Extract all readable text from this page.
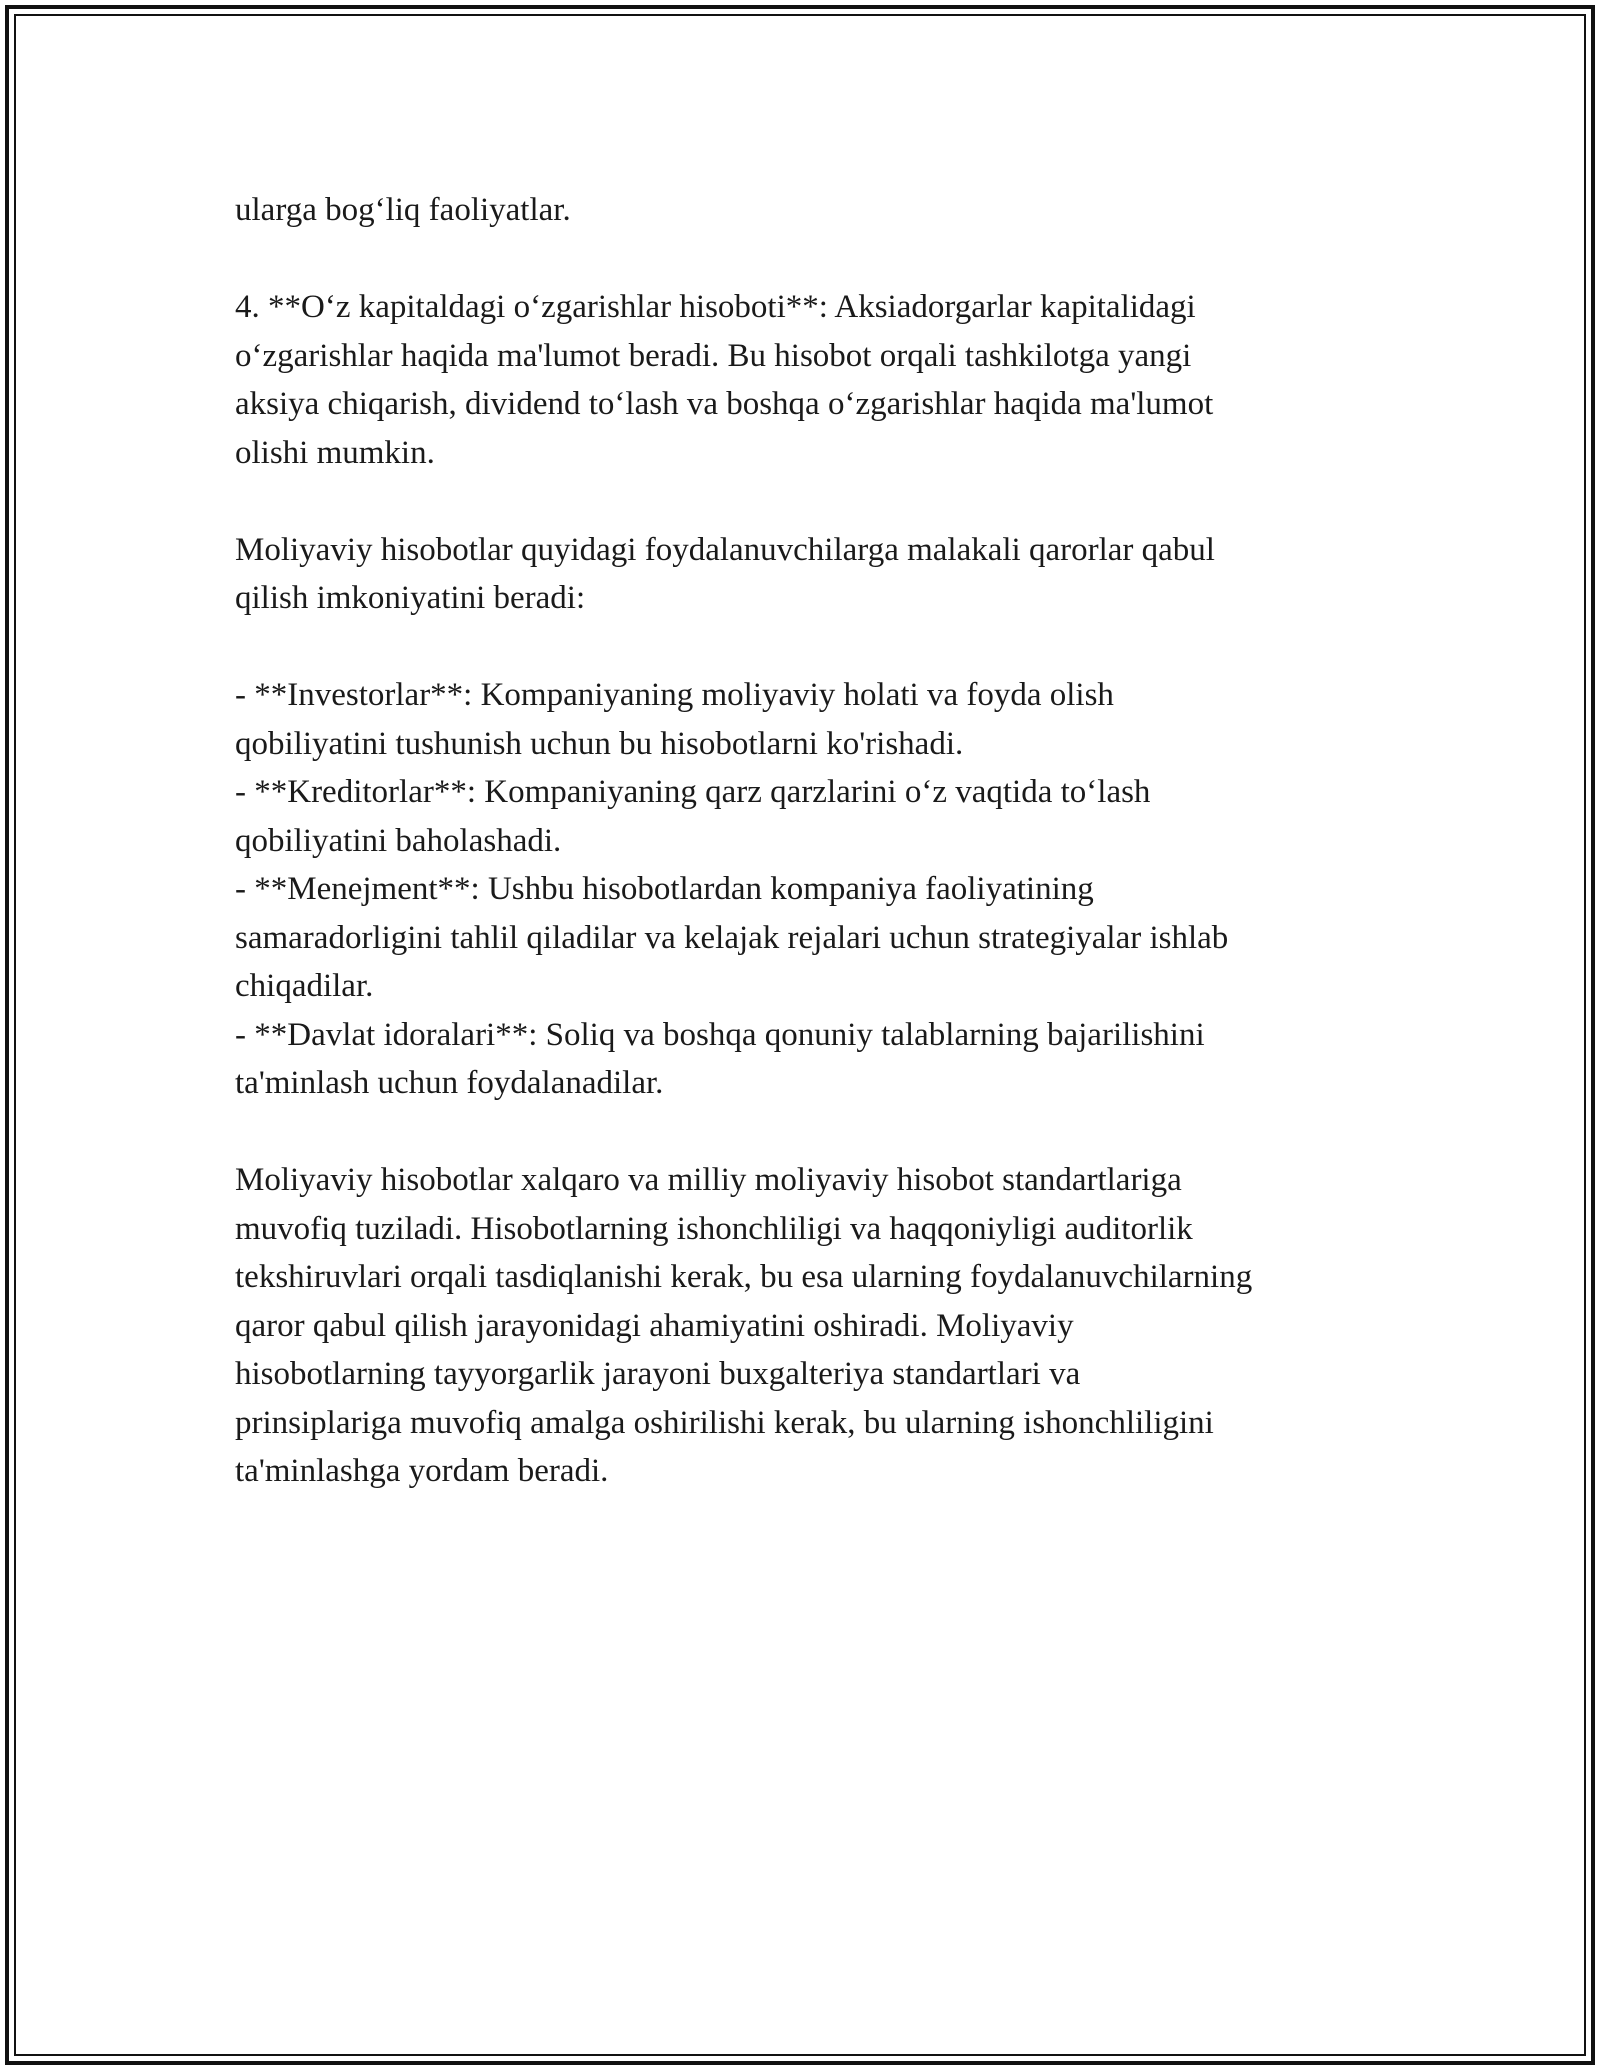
ularga bog‘liq faoliyatlar.
4. **O‘z kapitaldagi o‘zgarishlar hisoboti**: Aksiadorgarlar kapitalidagi
o‘zgarishlar haqida ma'lumot beradi. Bu hisobot orqali tashkilotga yangi
aksiya chiqarish, dividend to‘lash va boshqa o‘zgarishlar haqida ma'lumot
olishi mumkin.
Moliyaviy hisobotlar quyidagi foydalanuvchilarga malakali qarorlar qabul
qilish imkoniyatini beradi:
- **Investorlar**: Kompaniyaning moliyaviy holati va foyda olish
qobiliyatini tushunish uchun bu hisobotlarni ko'rishadi.
- **Kreditorlar**: Kompaniyaning qarz qarzlarini o‘z vaqtida to‘lash
qobiliyatini baholashadi.
- **Menejment**: Ushbu hisobotlardan kompaniya faoliyatining
samaradorligini tahlil qiladilar va kelajak rejalari uchun strategiyalar ishlab
chiqadilar.
- **Davlat idoralari**: Soliq va boshqa qonuniy talablarning bajarilishini
ta'minlash uchun foydalanadilar.
Moliyaviy hisobotlar xalqaro va milliy moliyaviy hisobot standartlariga
muvofiq tuziladi. Hisobotlarning ishonchliligi va haqqoniyligi auditorlik
tekshiruvlari orqali tasdiqlanishi kerak, bu esa ularning foydalanuvchilarning
qaror qabul qilish jarayonidagi ahamiyatini oshiradi. Moliyaviy
hisobotlarning tayyorgarlik jarayoni buxgalteriya standartlari va
prinsiplariga muvofiq amalga oshirilishi kerak, bu ularning ishonchliligini
ta'minlashga yordam beradi.
